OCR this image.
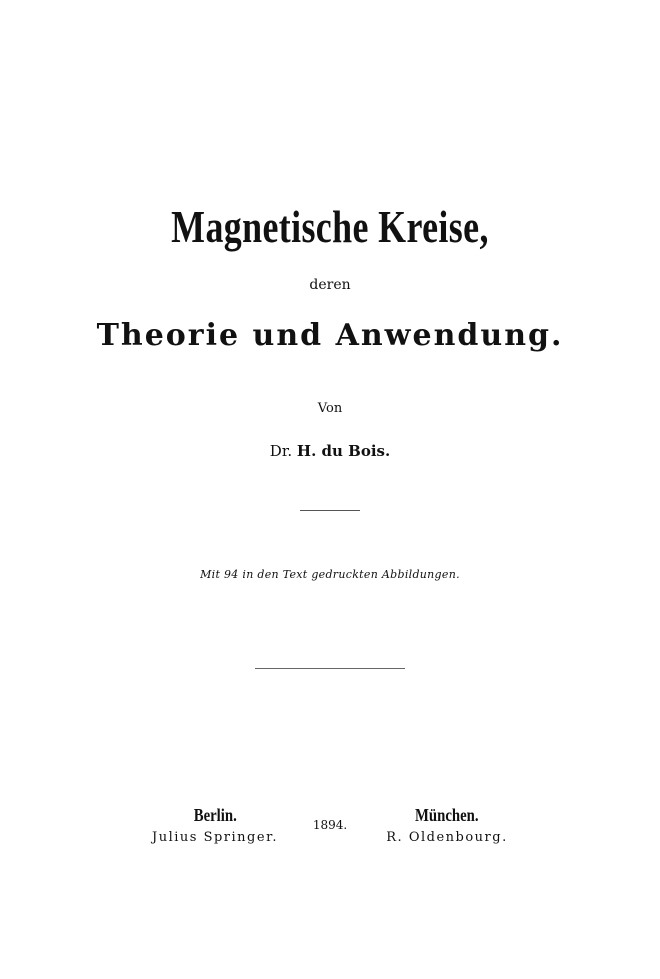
Magnetische Kreise,
deren
Theorie und Anwendung.
Von
Dr. H. du Bois.
Mit 94 in den Text gedruckten Abbildungen.
Berlin.
Julius Springer.
1894.	München.
R. Oldenbourg.
